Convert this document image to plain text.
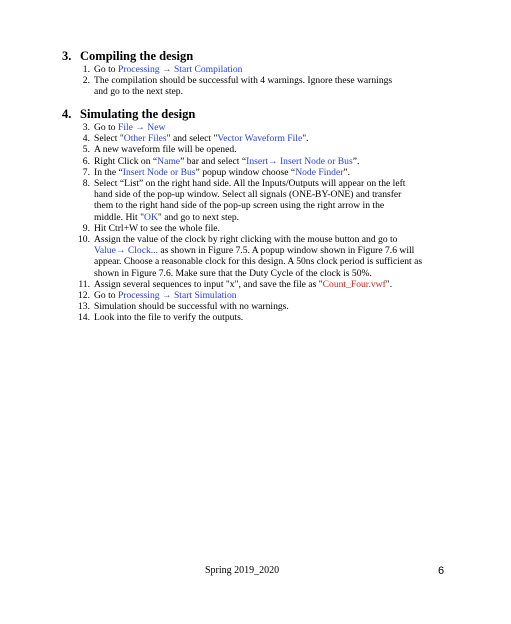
3. Compiling the design
1. Go to Processing → Start Compilation
2. The compilation should be successful with 4 warnings. Ignore these warnings
and go to the next step.
4. Simulating the design
3. Go to File → New
4. Select "Other Files" and select "Vector Waveform File".
5. A new waveform file will be opened.
6. Right Click on “Name” bar and select “Insert→ Insert Node or Bus”.
7. In the “Insert Node or Bus” popup window choose “Node Finder”.
8. Select “List” on the right hand side. All the Inputs/Outputs will appear on the left
hand side of the pop-up window. Select all signals (ONE-BY-ONE) and transfer
them to the right hand side of the pop-up screen using the right arrow in the
middle. Hit "OK" and go to next step.
9. Hit Ctrl+W to see the whole file.
10. Assign the value of the clock by right clicking with the mouse button and go to
Value→ Clock... as shown in Figure 7.5. A popup window shown in Figure 7.6 will
appear. Choose a reasonable clock for this design. A 50ns clock period is sufficient as
shown in Figure 7.6. Make sure that the Duty Cycle of the clock is 50%.
11. Assign several sequences to input "x", and save the file as "Count_Four.vwf".
12. Go to Processing → Start Simulation
13. Simulation should be successful with no warnings.
14. Look into the file to verify the outputs.
Spring 2019_2020	6
